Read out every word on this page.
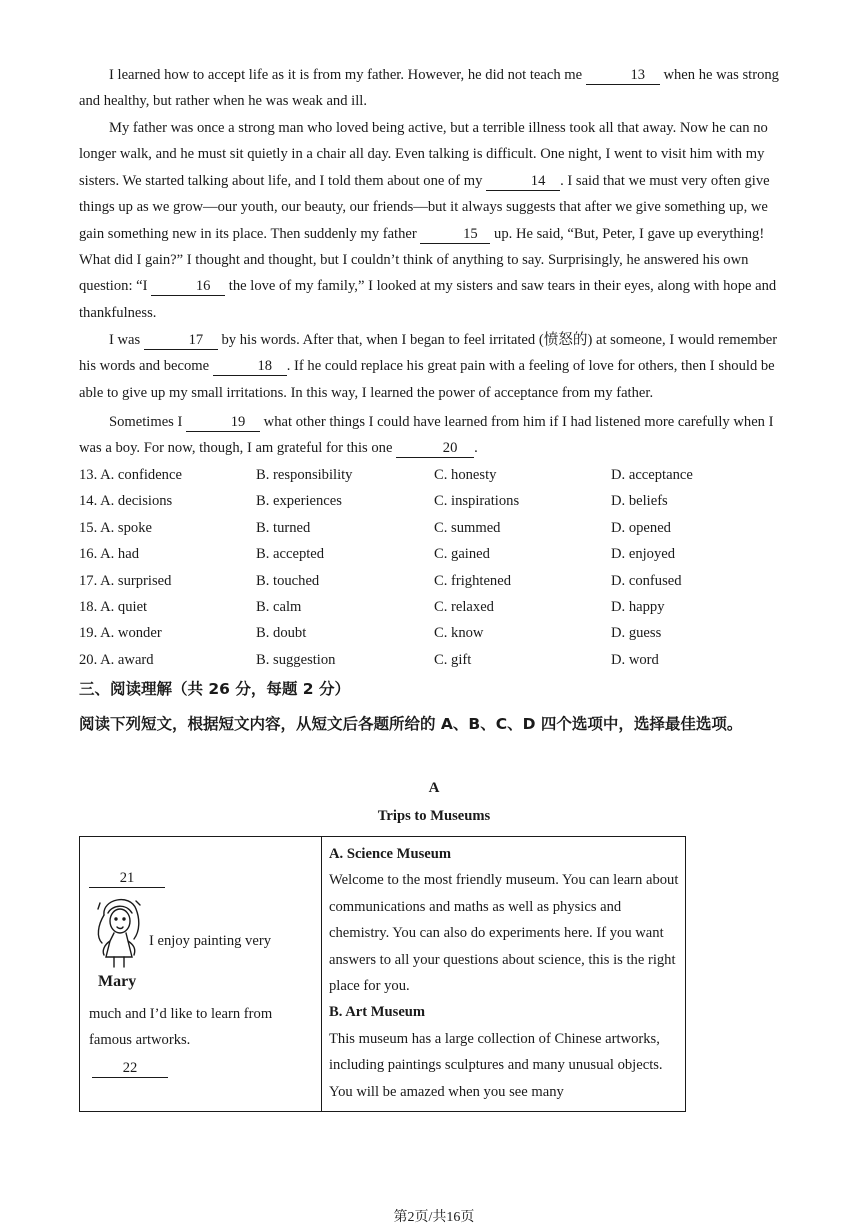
I learned how to accept life as it is from my father. However, he did not teach me	13 when he was strong and healthy, but rather when he was weak and ill.

My father was once a strong man who loved being active, but a terrible illness took all that away. Now he can no longer walk, and he must sit quietly in a chair all day. Even talking is difficult. One night, I went to visit him with my sisters. We started talking about life, and I told them about one of my	14 . I said that we must very often give things up as we grow—our youth, our beauty, our friends—but it always suggests that after we give something up, we gain something new in its place. Then suddenly my father	15 up. He said, “But, Peter, I gave up everything! What did I gain?” I thought and thought, but I couldn’t think of anything to say. Surprisingly, he answered his own question: “I	16 the love of my family,” I looked at my sisters and saw tears in their eyes, along with hope and thankfulness.

I was	17 by his words. After that, when I began to feel irritated (愤怒的) at someone, I would remember his words and become	18 . If he could replace his great pain with a feeling of love for others, then I should be able to give up my small irritations. In this way, I learned the power of acceptance from my father.

Sometimes I	19 what other things I could have learned from him if I had listened more carefully when I was a boy. For now, though, I am grateful for this one	20 .

13. A. confidence	B. responsibility	C. honesty	D. acceptance
14. A. decisions	B. experiences	C. inspirations	D. beliefs
15. A. spoke	B. turned	C. summed	D. opened
16. A. had	B. accepted	C. gained	D. enjoyed
17. A. surprised	B. touched	C. frightened	D. confused
18. A. quiet	B. calm	C. relaxed	D. happy
19. A. wonder	B. doubt	C. know	D. guess
20. A. award	B. suggestion	C. gift	D. word
三、阅读理解（共 26 分，每题 2 分）

阅读下列短文，根据短文内容，从短文后各题所给的 A、B、C、D 四个选项中，选择最佳选项。

A
Trips to Museums
21
I enjoy painting very
Mary
much and I’d like to learn from famous artworks.
22

A. Science Museum

Welcome to the most friendly museum. You can learn about communications and maths as well as physics and chemistry. You can also do experiments here. If you want answers to all your questions about science, this is the right place for you.

B. Art Museum

This museum has a large collection of Chinese artworks, including paintings sculptures and many unusual objects. You will be amazed when you see many

第2页/共16页
